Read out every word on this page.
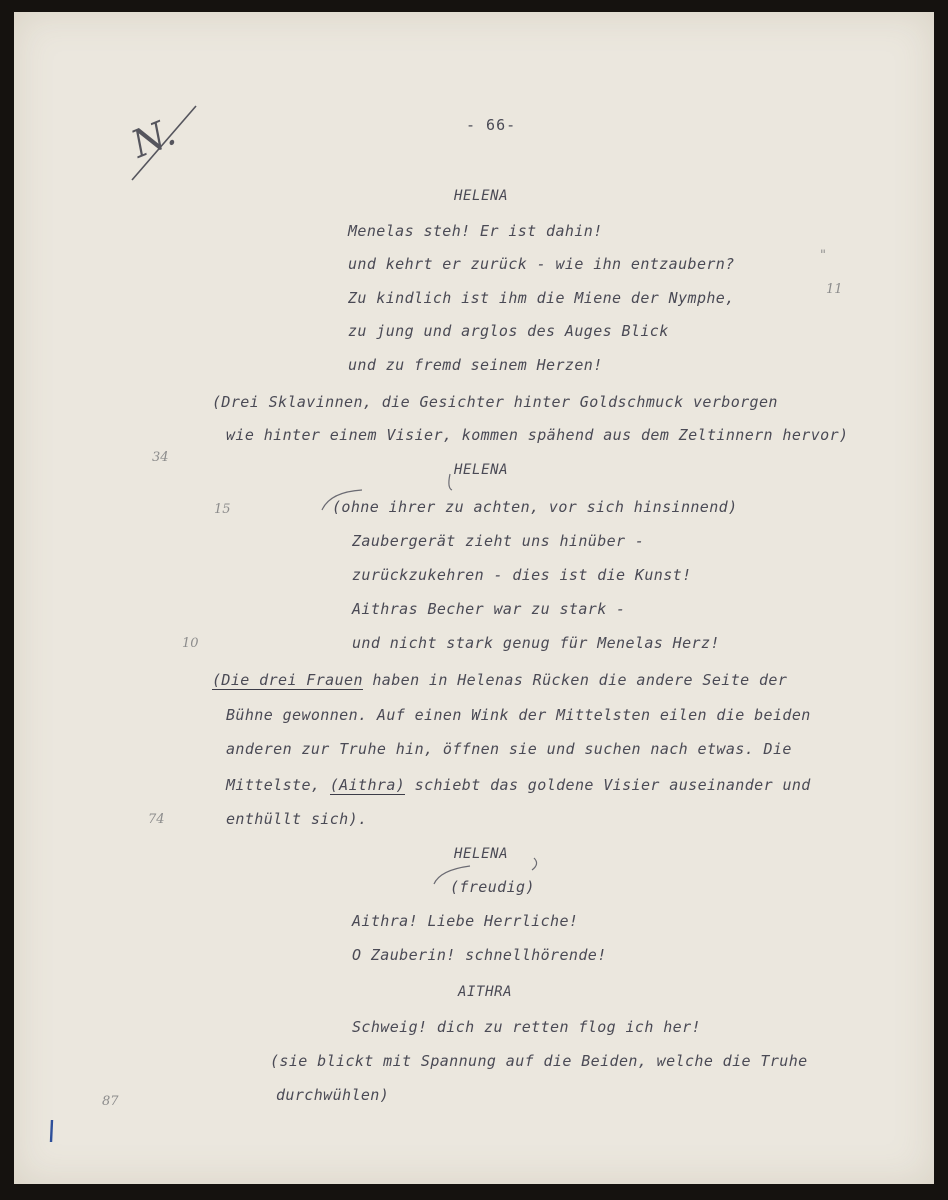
N.	- 66-
HELENA
Menelas steh! Er ist dahin!
und kehrt er zurück - wie ihn entzaubern?
Zu kindlich ist ihm die Miene der Nymphe,
zu jung und arglos des Auges Blick
und zu fremd seinem Herzen!
(Drei Sklavinnen, die Gesichter hinter Goldschmuck verborgen
wie hinter einem Visier, kommen spähend aus dem Zeltinnern hervor)
HELENA
(ohne ihrer zu achten, vor sich hinsinnend)
Zaubergerät zieht uns hinüber -
zurückzukehren - dies ist die Kunst!
Aithras Becher war zu stark -
und nicht stark genug für Menelas Herz!
(Die drei Frauen haben in Helenas Rücken die andere Seite der
Bühne gewonnen. Auf einen Wink der Mittelsten eilen die beiden
anderen zur Truhe hin, öffnen sie und suchen nach etwas. Die
Mittelste, (Aithra) schiebt das goldene Visier auseinander und
enthüllt sich).
HELENA
(freudig)
Aithra! Liebe Herrliche!
O Zauberin! schnellhörende!
AITHRA
Schweig! dich zu retten flog ich her!
(sie blickt mit Spannung auf die Beiden, welche die Truhe
durchwühlen)
"
11
34
15
10
74
87
